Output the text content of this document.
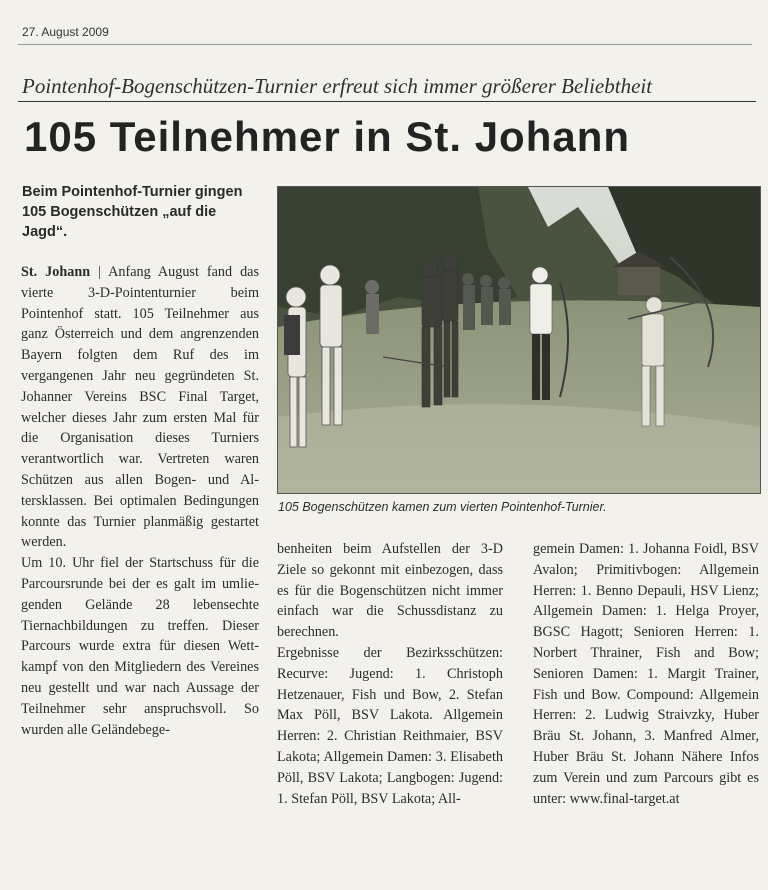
27. August 2009
Pointenhof-Bogenschützen-Turnier erfreut sich immer größerer Beliebtheit
105 Teilnehmer in St. Johann
Beim Pointenhof-Turnier gingen 105 Bogenschützen „auf die Jagd“.
St. Johann | Anfang August fand das vierte 3-D-Pointenturnier beim Pointenhof statt. 105 Teilnehmer aus ganz Österreich und dem angrenzenden Bayern folgten dem Ruf des im vergangenen Jahr neu gegründeten St. Johanner Vereins BSC Final Target, welcher dieses Jahr zum ersten Mal für die Organisation dieses Turniers verantwortlich war. Vertreten waren Schützen aus allen Bogen- und Altersklassen. Bei optimalen Bedingungen konnte das Turnier planmäßig gestartet werden.
Um 10. Uhr fiel der Startschuss für die Parcoursrunde bei der es galt im umliegenden Gelände 28 lebensechte Tiernachbildungen zu treffen. Dieser Parcours wurde extra für diesen Wettkampf von den Mitgliedern des Vereines neu gestellt und war nach Aussage der Teilnehmer sehr anspruchsvoll. So wurden alle Geländebege-
105 Bogenschützen kamen zum vierten Pointenhof-Turnier.
benheiten beim Aufstellen der 3-D Ziele so gekonnt mit einbezogen, dass es für die Bogenschützen nicht immer einfach war die Schussdistanz zu berechnen.
Ergebnisse der Bezirksschützen: Recurve: Jugend: 1. Christoph Hetzenauer, Fish und Bow, 2. Stefan Max Pöll, BSV Lakota. Allgemein Herren: 2. Christian Reithmaier, BSV Lakota; Allgemein Damen: 3. Elisabeth Pöll, BSV Lakota; Langbogen: Jugend: 1. Stefan Pöll, BSV Lakota; All-
gemein Damen: 1. Johanna Foidl, BSV Avalon; Primitivbogen: Allgemein Herren: 1. Benno Depauli, HSV Lienz; Allgemein Damen: 1. Helga Proyer, BGSC Hagott; Senioren Herren: 1. Norbert Thrainer, Fish and Bow; Senioren Damen: 1. Margit Trainer, Fish und Bow. Compound: Allgemein Herren: 2. Ludwig Straivzky, Huber Bräu St. Johann, 3. Manfred Almer, Huber Bräu St. Johann Nähere Infos zum Verein und zum Parcours gibt es unter: www.final-target.at
